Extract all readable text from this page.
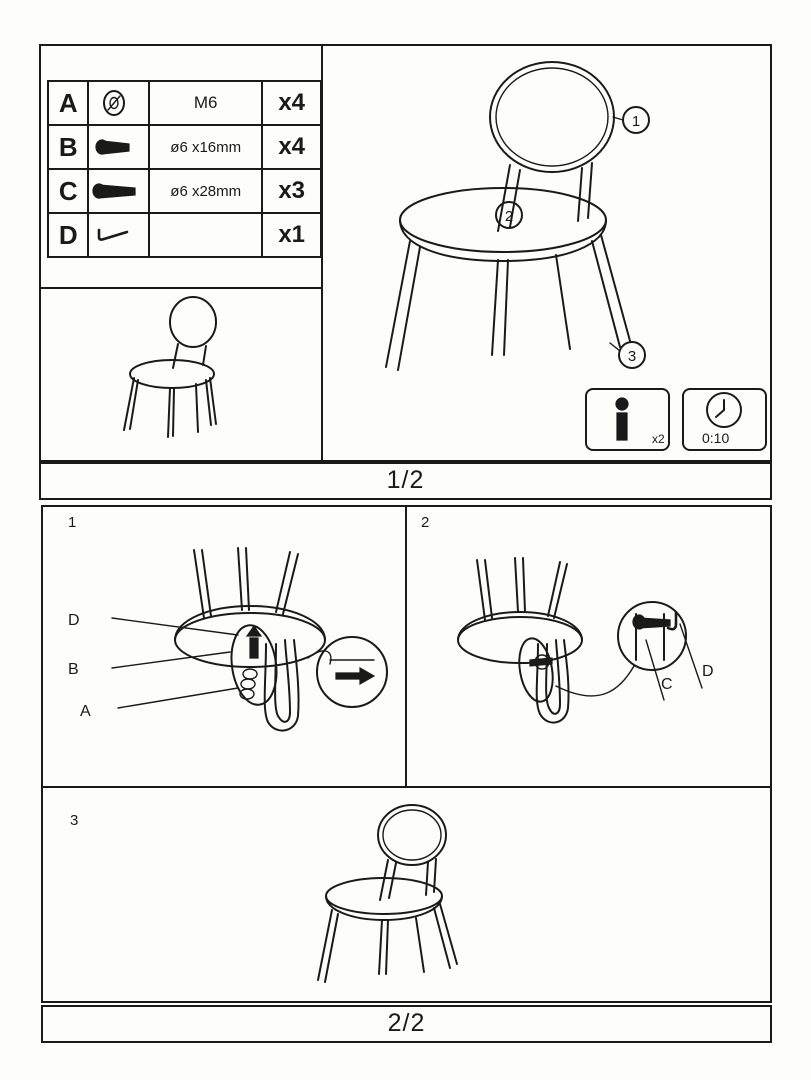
A		M6	x4
B		ø6 x16mm	x4
C		ø6 x28mm	x3
D			x1
1
2
3
x2	0:10
1/2
1	2
3
D
B
A
C
D
2/2
